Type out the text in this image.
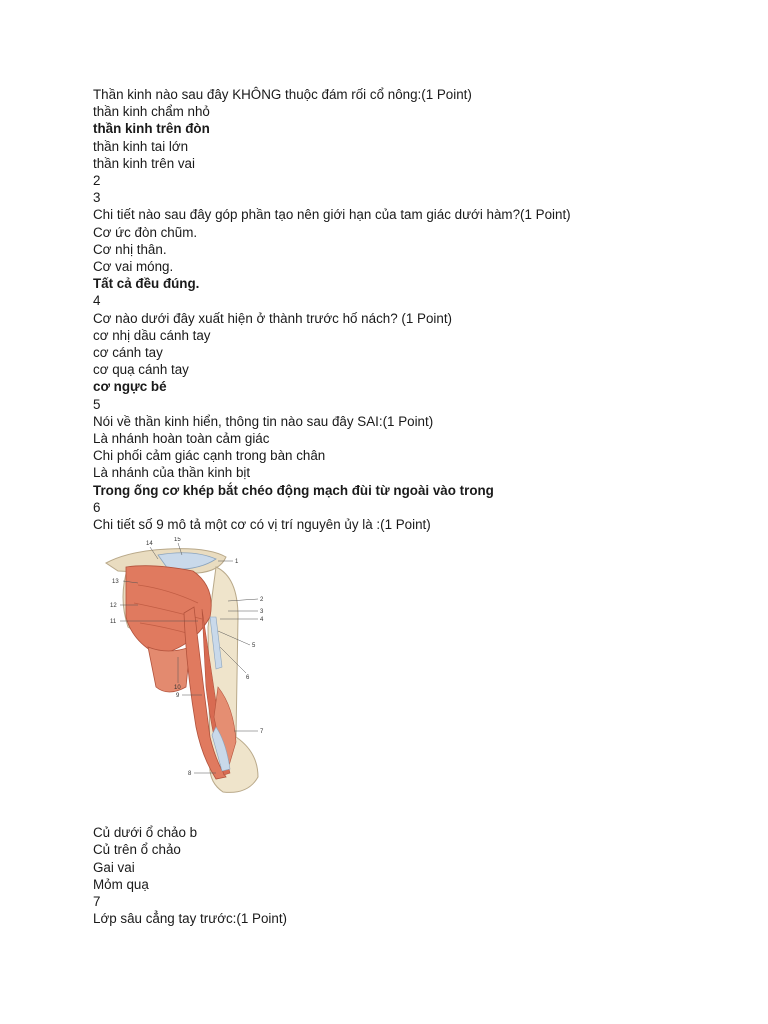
Thần kinh nào sau đây KHÔNG thuộc đám rối cổ nông:(1 Point)
thần kinh chẩm nhỏ
thần kinh trên đòn
thần kinh tai lớn
thần kinh trên vai
2
3
Chi tiết nào sau đây góp phần tạo nên giới hạn của tam giác dưới hàm?(1 Point)
Cơ ức đòn chũm.
Cơ nhị thân.
Cơ vai móng.
Tất cả đều đúng.
4
Cơ nào dưới đây xuất hiện ở thành trước hố nách? (1 Point)
cơ nhị dầu cánh tay
cơ cánh tay
cơ quạ cánh tay
cơ ngực bé
5
Nói về thần kinh hiển, thông tin nào sau đây SAI:(1 Point)
Là nhánh hoàn toàn cảm giác
Chi phối cảm giác cạnh trong bàn chân
Là nhánh của thần kinh bịt
Trong ống cơ khép bắt chéo động mạch đùi từ ngoài vào trong
6
Chi tiết số 9 mô tả một cơ có vị trí nguyên ủy là :(1 Point)
14
15
1
13
2
3
4
12
11
5
6
10
9
7
8
Củ dưới ổ chảo b
Củ trên ổ chảo
Gai vai
Mỏm quạ
7
Lớp sâu cẳng tay trước:(1 Point)
